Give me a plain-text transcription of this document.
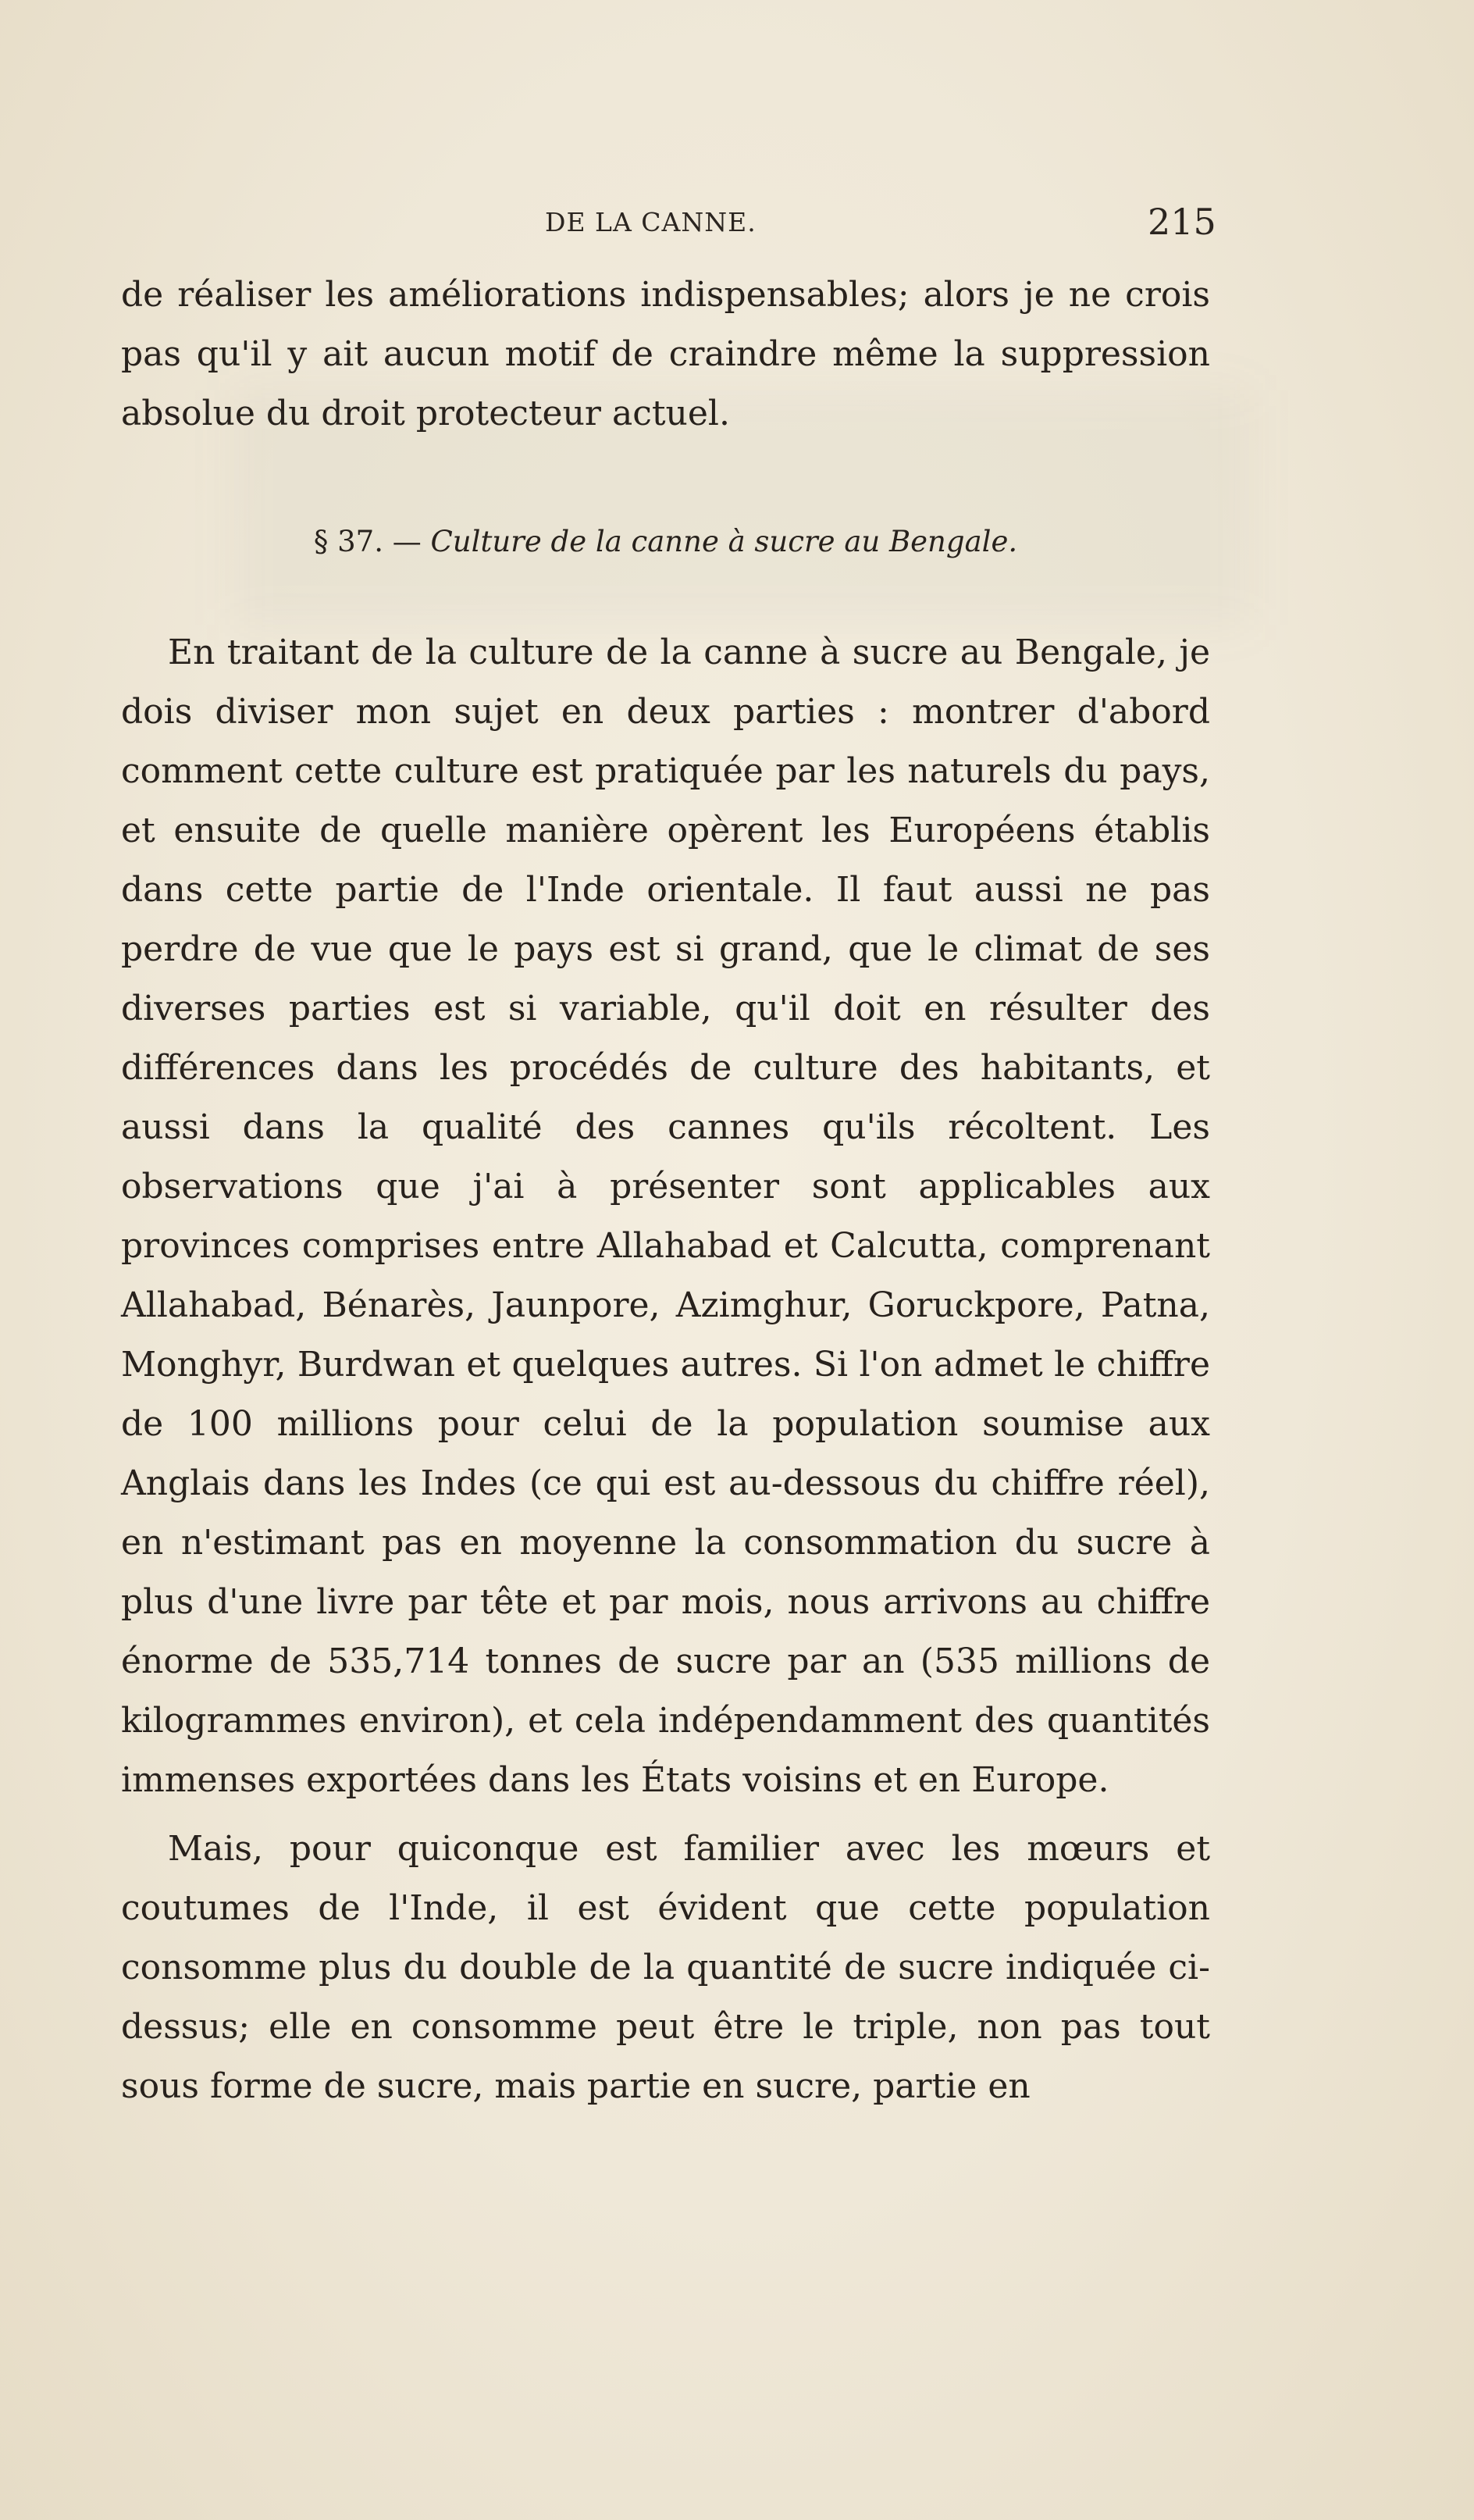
DE LA CANNE.	215

de réaliser les améliorations indispensables; alors je ne crois pas qu'il y ait aucun motif de craindre même la suppression absolue du droit protecteur actuel.

§ 37. — Culture de la canne à sucre au Bengale.

En traitant de la culture de la canne à sucre au Bengale, je dois diviser mon sujet en deux parties : montrer d'abord comment cette culture est pratiquée par les naturels du pays, et ensuite de quelle manière opèrent les Européens établis dans cette partie de l'Inde orientale. Il faut aussi ne pas perdre de vue que le pays est si grand, que le climat de ses diverses parties est si variable, qu'il doit en résulter des différences dans les procédés de culture des habitants, et aussi dans la qualité des cannes qu'ils récoltent. Les observations que j'ai à présenter sont applicables aux provinces comprises entre Allahabad et Calcutta, comprenant Allahabad, Bénarès, Jaunpore, Azimghur, Goruckpore, Patna, Monghyr, Burdwan et quelques autres. Si l'on admet le chiffre de 100 millions pour celui de la population soumise aux Anglais dans les Indes (ce qui est au-dessous du chiffre réel), en n'estimant pas en moyenne la consommation du sucre à plus d'une livre par tête et par mois, nous arrivons au chiffre énorme de 535,714 tonnes de sucre par an (535 millions de kilogrammes environ), et cela indépendamment des quantités immenses exportées dans les États voisins et en Europe.

Mais, pour quiconque est familier avec les mœurs et coutumes de l'Inde, il est évident que cette population consomme plus du double de la quantité de sucre indiquée ci-dessus; elle en consomme peut être le triple, non pas tout sous forme de sucre, mais partie en sucre, partie en
